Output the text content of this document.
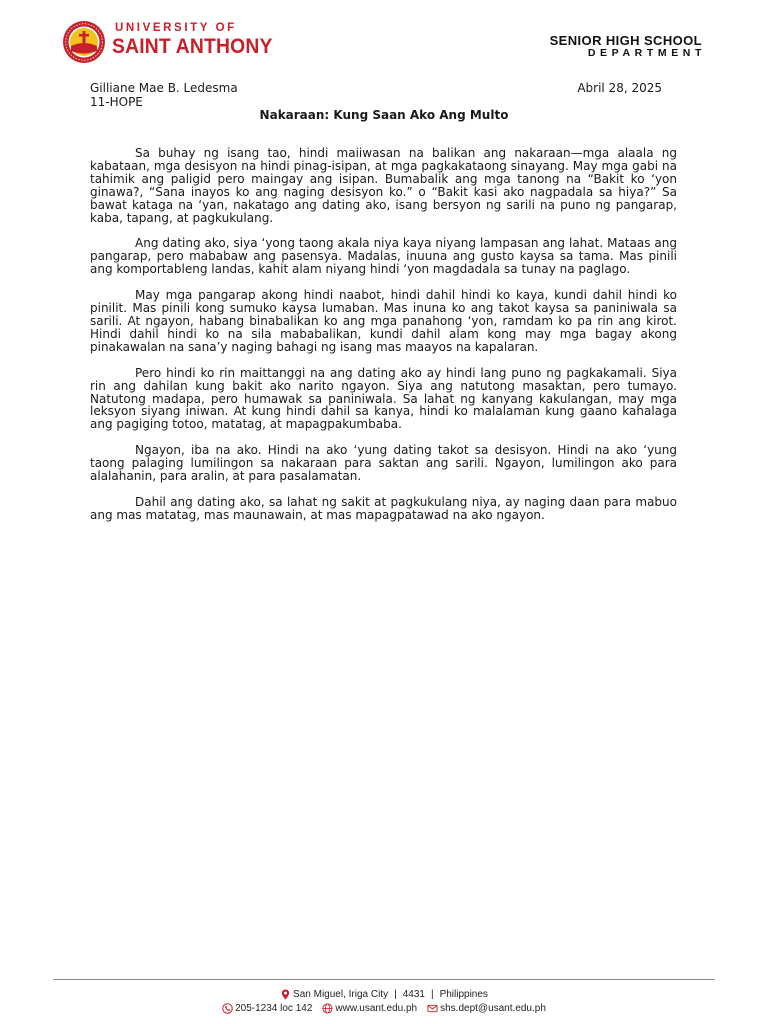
UNIVERSITY OF
SAINT ANTHONY	SENIOR HIGH SCHOOL
DEPARTMENT
Gilliane Mae B. Ledesma
11-HOPE
Abril 28, 2025
Nakaraan: Kung Saan Ako Ang Multo

Sa buhay ng isang tao, hindi maiiwasan na balikan ang nakaraan—mga alaala ng kabataan, mga desisyon na hindi pinag-isipan, at mga pagkakataong sinayang. May mga gabi na tahimik ang paligid pero maingay ang isipan. Bumabalik ang mga tanong na “Bakit ko ‘yon ginawa?, “Sana inayos ko ang naging desisyon ko.” o “Bakit kasi ako nagpadala sa hiya?” Sa bawat kataga na ‘yan, nakatago ang dating ako, isang bersyon ng sarili na puno ng pangarap, kaba, tapang, at pagkukulang.

Ang dating ako, siya ‘yong taong akala niya kaya niyang lampasan ang lahat. Mataas ang pangarap, pero mababaw ang pasensya. Madalas, inuuna ang gusto kaysa sa tama. Mas pinili ang komportableng landas, kahit alam niyang hindi ‘yon magdadala sa tunay na paglago.

May mga pangarap akong hindi naabot, hindi dahil hindi ko kaya, kundi dahil hindi ko pinilit. Mas pinili kong sumuko kaysa lumaban. Mas inuna ko ang takot kaysa sa paniniwala sa sarili. At ngayon, habang binabalikan ko ang mga panahong ‘yon, ramdam ko pa rin ang kirot. Hindi dahil hindi ko na sila mababalikan, kundi dahil alam kong may mga bagay akong pinakawalan na sana’y naging bahagi ng isang mas maayos na kapalaran.

Pero hindi ko rin maittanggi na ang dating ako ay hindi lang puno ng pagkakamali. Siya rin ang dahilan kung bakit ako narito ngayon. Siya ang natutong masaktan, pero tumayo. Natutong madapa, pero humawak sa paniniwala. Sa lahat ng kanyang kakulangan, may mga leksyon siyang iniwan. At kung hindi dahil sa kanya, hindi ko malalaman kung gaano kahalaga ang pagiging totoo, matatag, at mapagpakumbaba.

Ngayon, iba na ako. Hindi na ako ‘yung dating takot sa desisyon. Hindi na ako ‘yung taong palaging lumilingon sa nakaraan para saktan ang sarili. Ngayon, lumilingon ako para alalahanin, para aralin, at para pasalamatan.

Dahil ang dating ako, sa lahat ng sakit at pagkukulang niya, ay naging daan para mabuo ang mas matatag, mas maunawain, at mas mapagpatawad na ako ngayon.

San Miguel, Iriga City | 4431 | Philippines
205-1234 loc 142 www.usant.edu.ph shs.dept@usant.edu.ph
